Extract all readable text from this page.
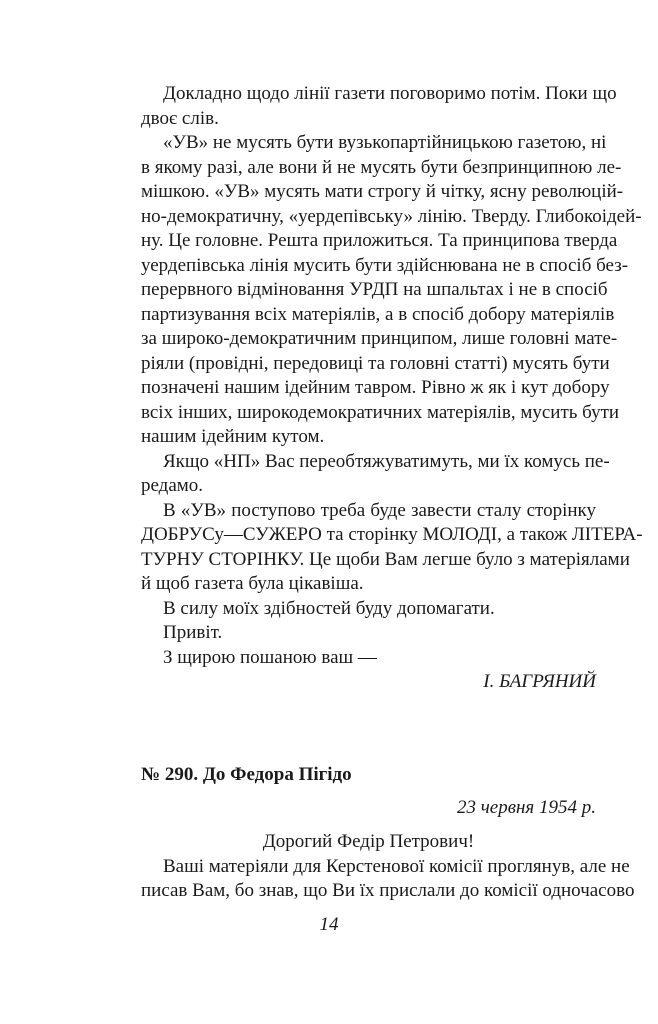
Докладно щодо лінії газети поговоримо потім. Поки що
двоє слів.
«УВ» не мусять бути вузькопартійницькою газетою, ні
в якому разі, але вони й не мусять бути безпринципною ле-
мішкою. «УВ» мусять мати строгу й чітку, ясну революцій-
но-демократичну, «уердепівську» лінію. Тверду. Глибокоідей-
ну. Це головне. Решта приложиться. Та принципова тверда
уердепівська лінія мусить бути здійснювана не в спосіб без-
перервного відміновання УРДП на шпальтах і не в спосіб
партизування всіх матеріялів, а в спосіб добору матеріялів
за широко-демократичним принципом, лише головні мате-
ріяли (провідні, передовиці та головні статті) мусять бути
позначені нашим ідейним тавром. Рівно ж як і кут добору
всіх інших, широкодемократичних матеріялів, мусить бути
нашим ідейним кутом.
Якщо «НП» Вас переобтяжуватимуть, ми їх комусь пе-
редамо.
В «УВ» поступово треба буде завести сталу сторінку
ДОБРУСу—СУЖЕРО та сторінку МОЛОДІ, а також ЛІТЕРА-
ТУРНУ СТОРІНКУ. Це щоби Вам легше було з матеріялами
й щоб газета була цікавіша.
В силу моїх здібностей буду допомагати.
Привіт.
З щирою пошаною ваш —
І. БАГРЯНИЙ
№ 290. До Федора Пігідо
23 червня 1954 р.
Дорогий Федір Петрович!
Ваші матеріяли для Керстенової комісії проглянув, але не
писав Вам, бо знав, що Ви їх прислали до комісії одночасово
14
